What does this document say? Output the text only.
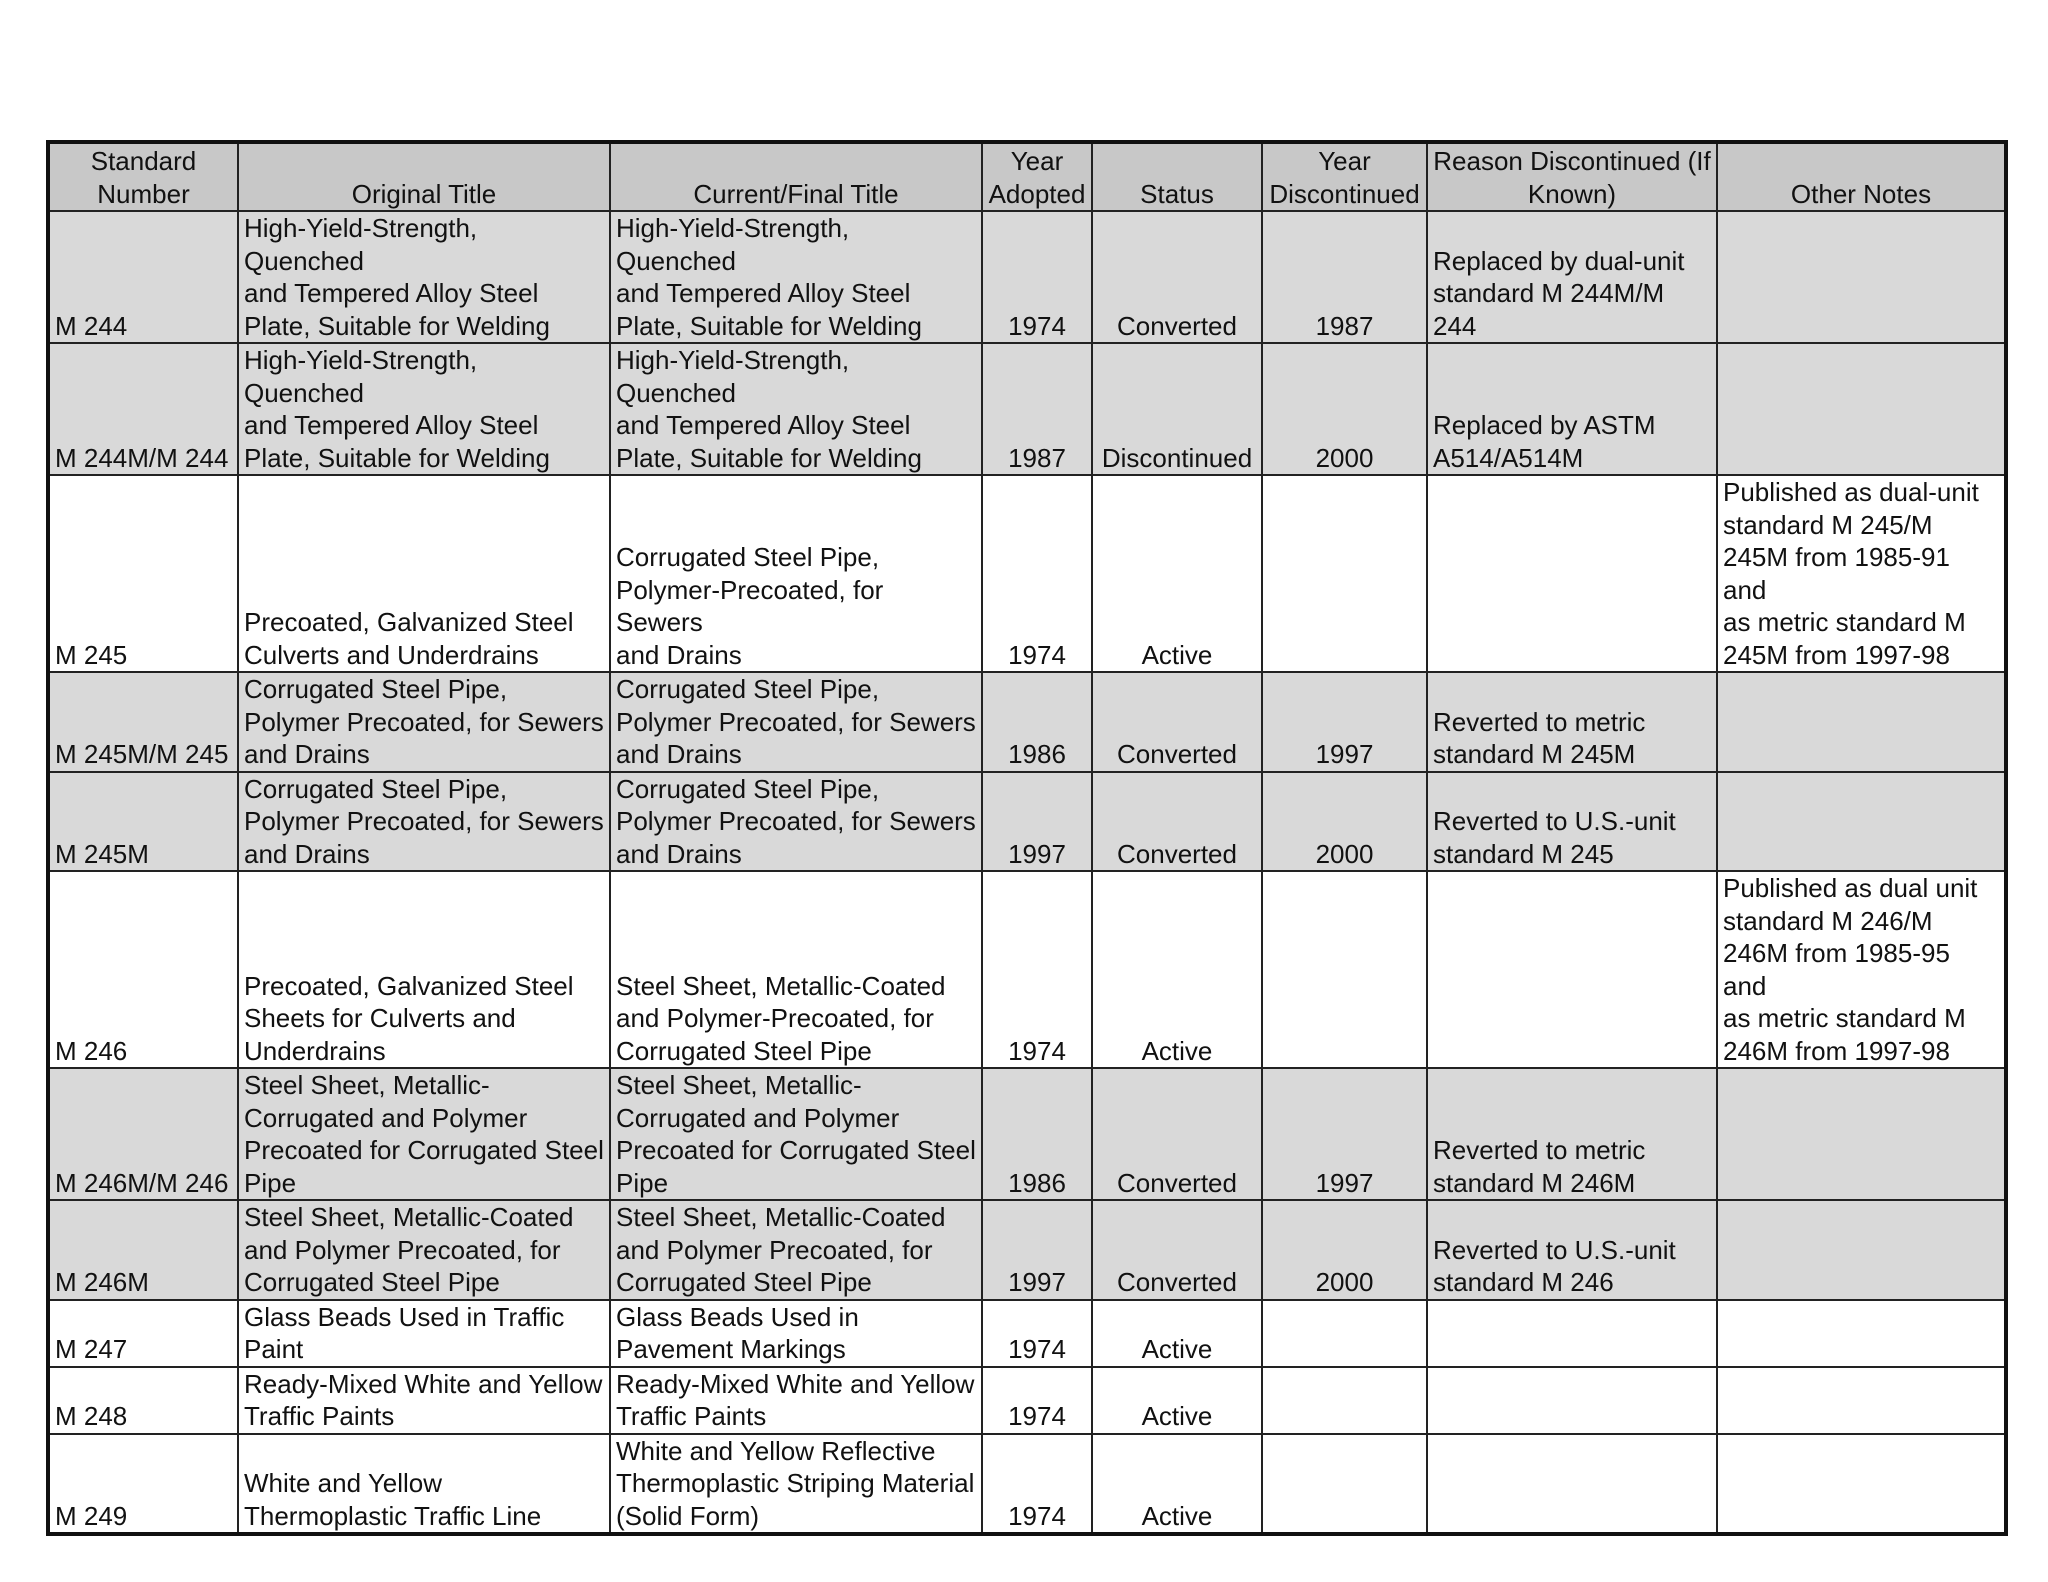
Standard
Number	Original Title	Current/Final Title	Year
Adopted	Status	Year
Discontinued	Reason Discontinued (If
Known)	Other Notes
M 244	High-Yield-Strength, Quenched
and Tempered Alloy Steel
Plate, Suitable for Welding	High-Yield-Strength, Quenched
and Tempered Alloy Steel
Plate, Suitable for Welding	1974	Converted	1987	Replaced by dual-unit
standard M 244M/M
244	
M 244M/M 244	High-Yield-Strength, Quenched
and Tempered Alloy Steel
Plate, Suitable for Welding	High-Yield-Strength, Quenched
and Tempered Alloy Steel
Plate, Suitable for Welding	1987	Discontinued	2000	Replaced by ASTM
A514/A514M	
M 245	Precoated, Galvanized Steel
Culverts and Underdrains	Corrugated Steel Pipe,
Polymer-Precoated, for Sewers
and Drains	1974	Active			Published as dual-unit
standard M 245/M
245M from 1985-91 and
as metric standard M
245M from 1997-98
M 245M/M 245	Corrugated Steel Pipe,
Polymer Precoated, for Sewers
and Drains	Corrugated Steel Pipe,
Polymer Precoated, for Sewers
and Drains	1986	Converted	1997	Reverted to metric
standard M 245M	
M 245M	Corrugated Steel Pipe,
Polymer Precoated, for Sewers
and Drains	Corrugated Steel Pipe,
Polymer Precoated, for Sewers
and Drains	1997	Converted	2000	Reverted to U.S.-unit
standard M 245	
M 246	Precoated, Galvanized Steel
Sheets for Culverts and
Underdrains	Steel Sheet, Metallic-Coated
and Polymer-Precoated, for
Corrugated Steel Pipe	1974	Active			Published as dual unit
standard M 246/M
246M from 1985-95 and
as metric standard M
246M from 1997-98
M 246M/M 246	Steel Sheet, Metallic-
Corrugated and Polymer
Precoated for Corrugated Steel
Pipe	Steel Sheet, Metallic-
Corrugated and Polymer
Precoated for Corrugated Steel
Pipe	1986	Converted	1997	Reverted to metric
standard M 246M	
M 246M	Steel Sheet, Metallic-Coated
and Polymer Precoated, for
Corrugated Steel Pipe	Steel Sheet, Metallic-Coated
and Polymer Precoated, for
Corrugated Steel Pipe	1997	Converted	2000	Reverted to U.S.-unit
standard M 246	
M 247	Glass Beads Used in Traffic
Paint	Glass Beads Used in
Pavement Markings	1974	Active			
M 248	Ready-Mixed White and Yellow
Traffic Paints	Ready-Mixed White and Yellow
Traffic Paints	1974	Active			
M 249	White and Yellow
Thermoplastic Traffic Line	White and Yellow Reflective
Thermoplastic Striping Material
(Solid Form)	1974	Active			
